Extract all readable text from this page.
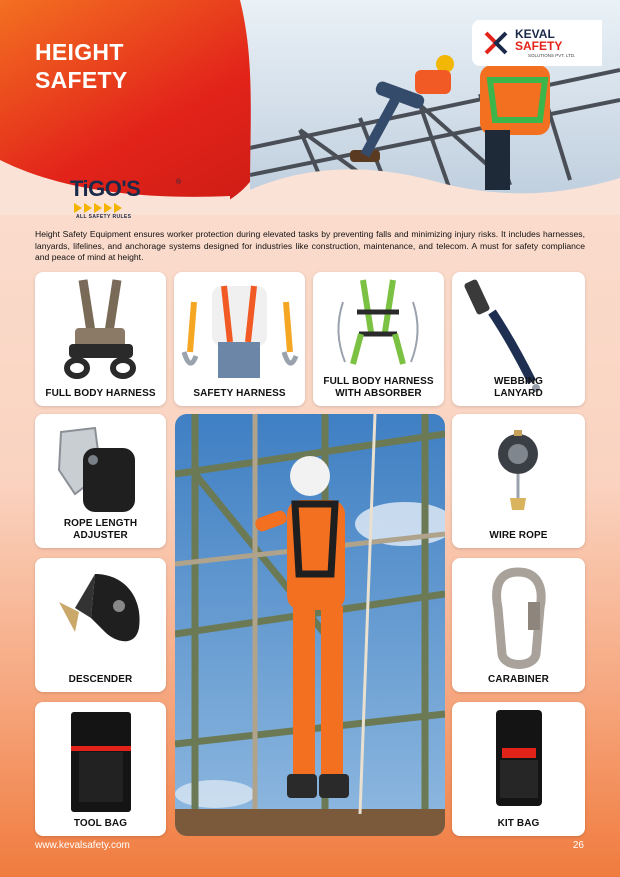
HEIGHT
SAFETY
KEVAL
SAFETY
SOLUTIONS PVT. LTD.
TiGO'S	®
ALL SAFETY RULES
Height Safety Equipment ensures worker protection during elevated tasks by preventing falls and minimizing injury risks. It includes harnesses, lanyards, lifelines, and anchorage systems designed for industries like construction, maintenance, and telecom. A must for safety compliance and peace of mind at height.
FULL BODY HARNESS	SAFETY HARNESS
FULL BODY HARNESS
WITH ABSORBER
WEBBING
LANYARD
ROPE LENGTH
ADJUSTER	WIRE ROPE
DESCENDER	CARABINER
TOOL BAG	KIT BAG
www.kevalsafety.com	26
